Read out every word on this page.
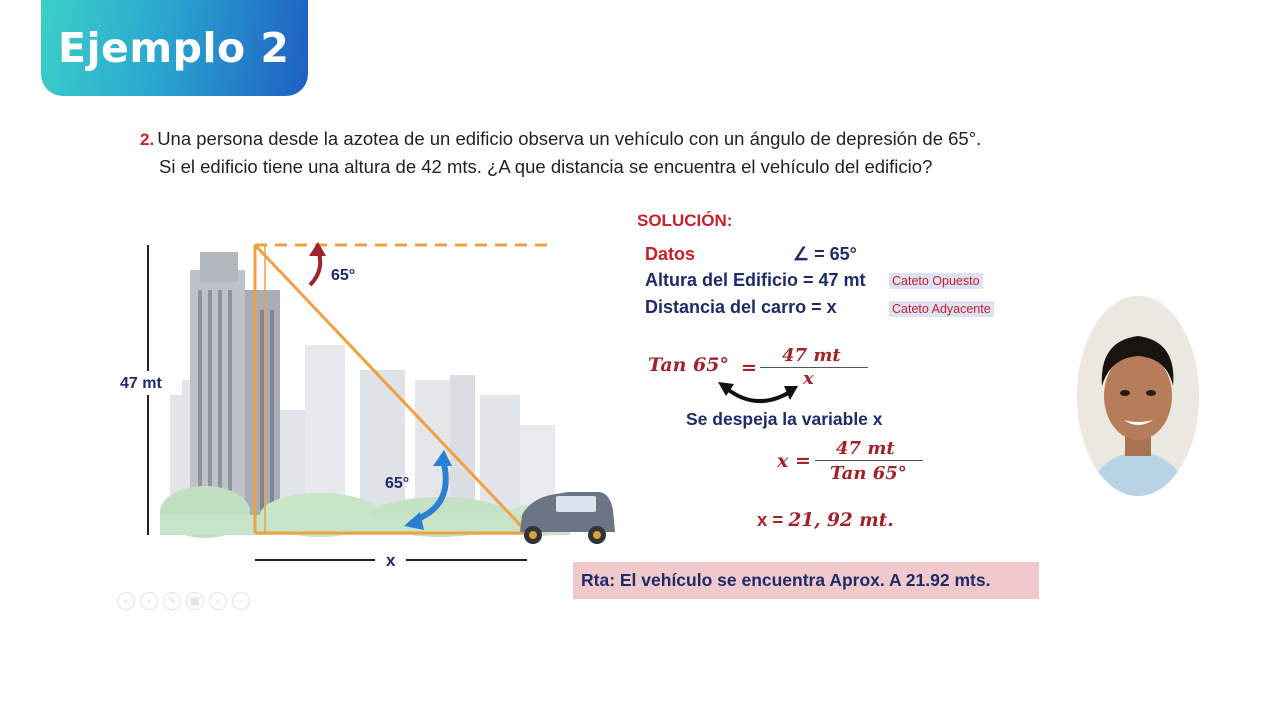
Ejemplo 2
2. Una persona desde la azotea de un edificio observa un vehículo con un ángulo de depresión de 65°.
Si el edificio tiene una altura de 42 mts. ¿A que distancia se encuentra el vehículo del edificio?
47 mt
65°
65°
x
SOLUCIÓN:
Datos	∠ = 65°
Altura del Edificio = 47 mt Cateto Opuesto
Distancia del carro = x	Cateto Adyacente
Tan 65° =
47 mt
x
Se despeja la variable x
x =
47 mt
Tan 65°
x = 21, 92 mt.
Rta: El vehículo se encuentra Aprox. A 21.92 mts.
‹	›	✎	▦	⌕	⋯
